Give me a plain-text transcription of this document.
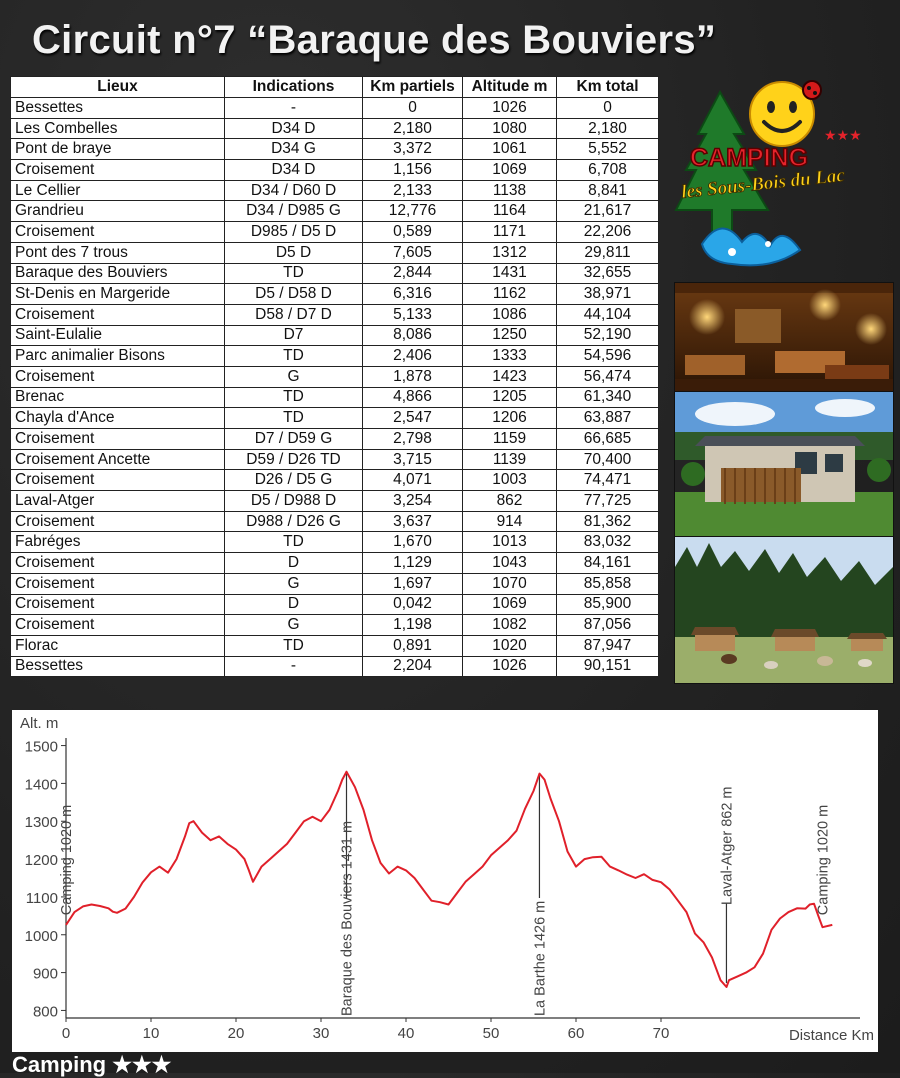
Circuit n°7 “Baraque des Bouviers”
Lieux	Indications	Km partiels	Altitude m	Km total
Bessettes	-	0	1026	0
Les Combelles	D34 D	2,180	1080	2,180
Pont de braye	D34 G	3,372	1061	5,552
Croisement	D34 D	1,156	1069	6,708
Le Cellier	D34 / D60 D	2,133	1138	8,841
Grandrieu	D34 / D985 G	12,776	1164	21,617
Croisement	D985 / D5 D	0,589	1171	22,206
Pont des 7 trous	D5 D	7,605	1312	29,811
Baraque des Bouviers	TD	2,844	1431	32,655
St-Denis en Margeride	D5 / D58 D	6,316	1162	38,971
Croisement	D58 / D7 D	5,133	1086	44,104
Saint-Eulalie	D7	8,086	1250	52,190
Parc animalier Bisons	TD	2,406	1333	54,596
Croisement	G	1,878	1423	56,474
Brenac	TD	4,866	1205	61,340
Chayla d'Ance	TD	2,547	1206	63,887
Croisement	D7 / D59 G	2,798	1159	66,685
Croisement Ancette	D59 / D26 TD	3,715	1139	70,400
Croisement	D26 / D5 G	4,071	1003	74,471
Laval-Atger	D5 / D988 D	3,254	862	77,725
Croisement	D988 / D26 G	3,637	914	81,362
Fabréges	TD	1,670	1013	83,032
Croisement	D	1,129	1043	84,161
Croisement	G	1,697	1070	85,858
Croisement	D	0,042	1069	85,900
Croisement	G	1,198	1082	87,056
Florac	TD	0,891	1020	87,947
Bessettes	-	2,204	1026	90,151
CAMPING
★★★
les Sous-Bois du Lac
800
900
1000
1100
1200
1300
1400
1500
0	10	20	30	40	50	60	70
Alt. m
Distance Km
Camping 1020 m	Baraque des Bouviers 1431 m	La Barthe 1426 m
Laval-Atger 862 m	Camping 1020 m

Camping ★★★
